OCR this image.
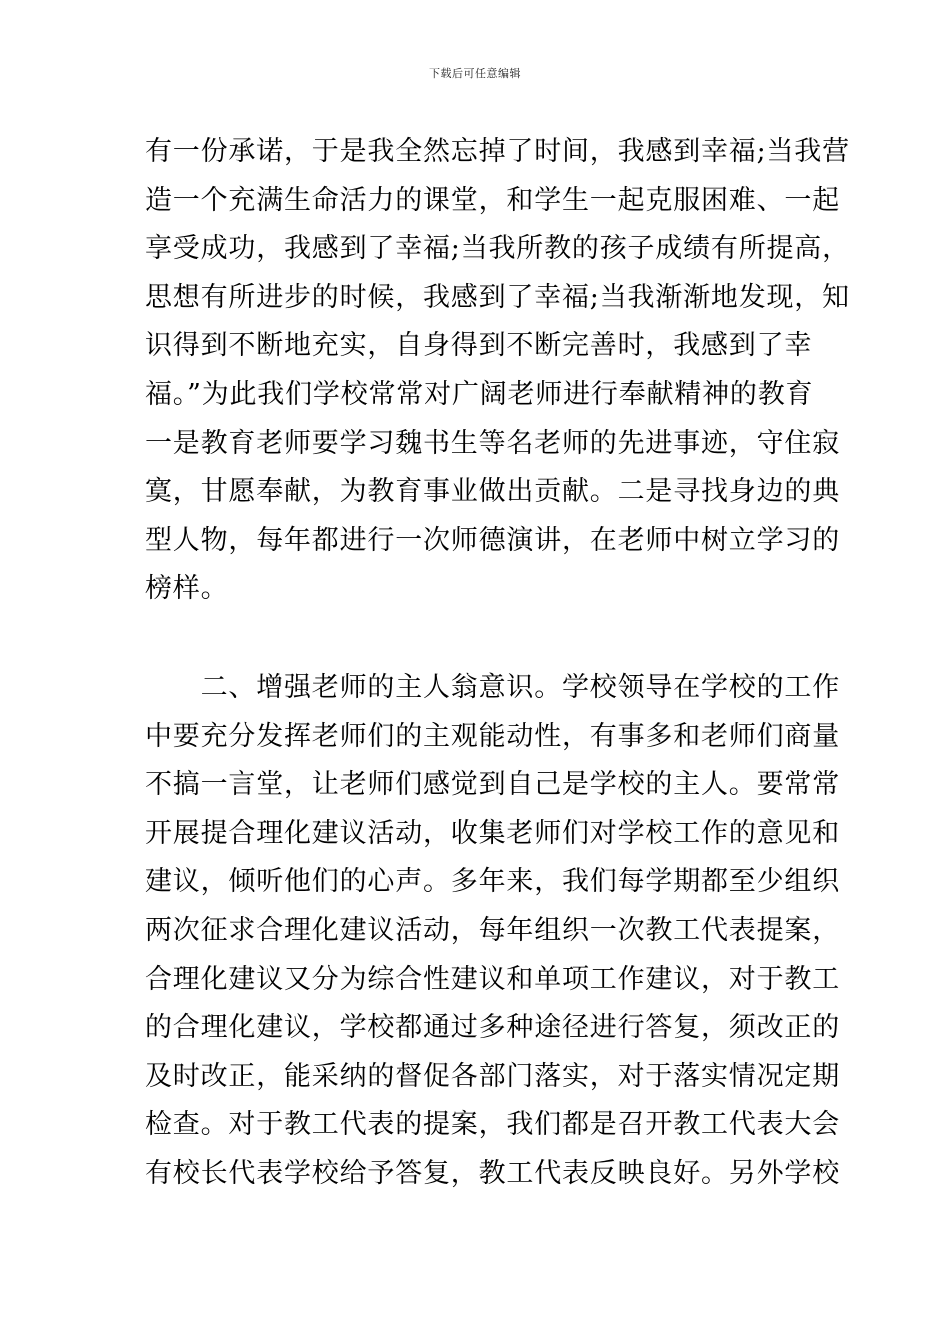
下载后可任意编辑
有一份承诺，于是我全然忘掉了时间，我感到幸福;当我营
造一个充满生命活力的课堂，和学生一起克服困难、一起
享受成功，我感到了幸福;当我所教的孩子成绩有所提高，
思想有所进步的时候，我感到了幸福;当我渐渐地发现，知
识得到不断地充实，自身得到不断完善时，我感到了幸
福。”为此我们学校常常对广阔老师进行奉献精神的教育
一是教育老师要学习魏书生等名老师的先进事迹，守住寂
寞，甘愿奉献，为教育事业做出贡献。二是寻找身边的典
型人物，每年都进行一次师德演讲，在老师中树立学习的
榜样。
　　二、增强老师的主人翁意识。学校领导在学校的工作
中要充分发挥老师们的主观能动性，有事多和老师们商量
不搞一言堂，让老师们感觉到自己是学校的主人。要常常
开展提合理化建议活动，收集老师们对学校工作的意见和
建议，倾听他们的心声。多年来，我们每学期都至少组织
两次征求合理化建议活动，每年组织一次教工代表提案，
合理化建议又分为综合性建议和单项工作建议，对于教工
的合理化建议，学校都通过多种途径进行答复，须改正的
及时改正，能采纳的督促各部门落实，对于落实情况定期
检查。对于教工代表的提案，我们都是召开教工代表大会
有校长代表学校给予答复，教工代表反映良好。另外学校
